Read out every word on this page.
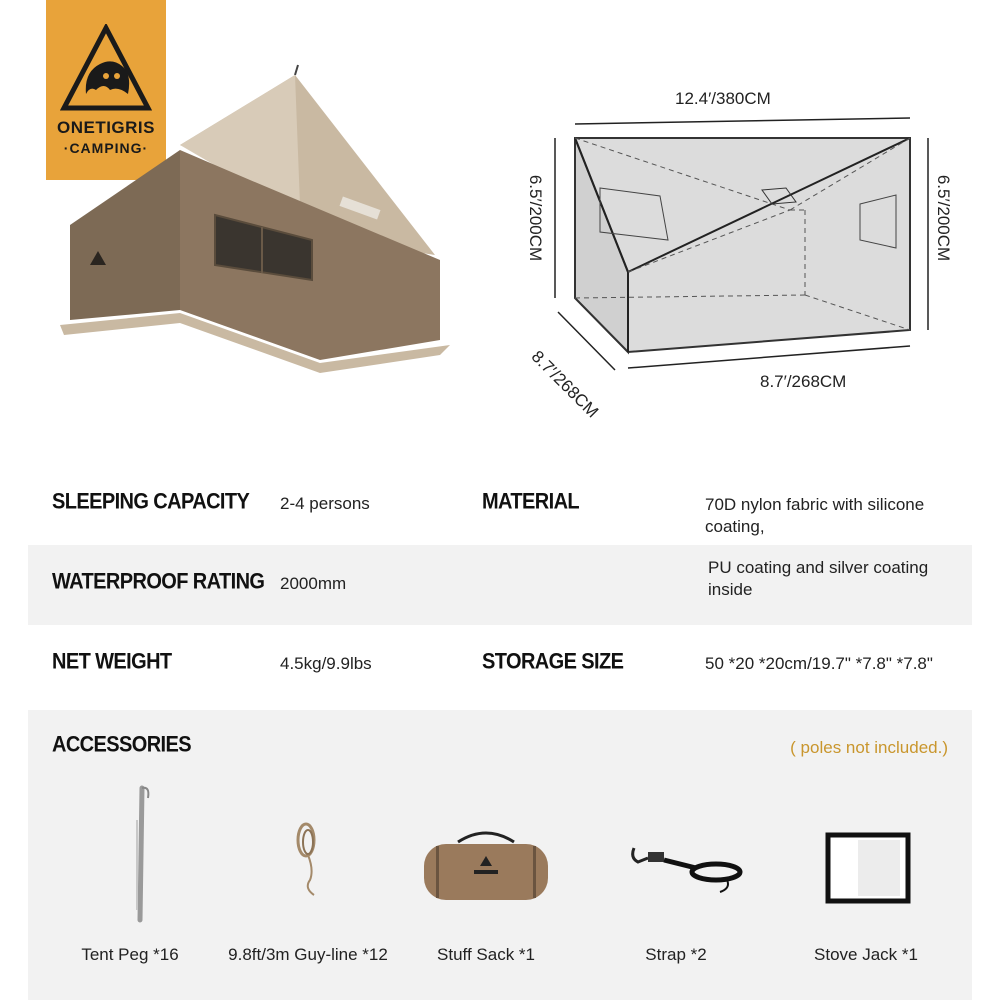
ONETIGRIS
·CAMPING·
12.4′/380CM
6.5′/200CM	6.5′/200CM
8.7′/268CM	8.7′/268CM
SLEEPING CAPACITY 2-4 persons	MATERIAL	70D nylon fabric with silicone coating,
WATERPROOF RATING 2000mm
PU coating and silver coating inside
NET WEIGHT	4.5kg/9.9lbs	STORAGE SIZE	50 *20 *20cm/19.7" *7.8" *7.8"
ACCESSORIES	( poles not included.)
Tent Peg *16	9.8ft/3m Guy-line *12	Stuff Sack *1	Strap *2	Stove Jack *1
